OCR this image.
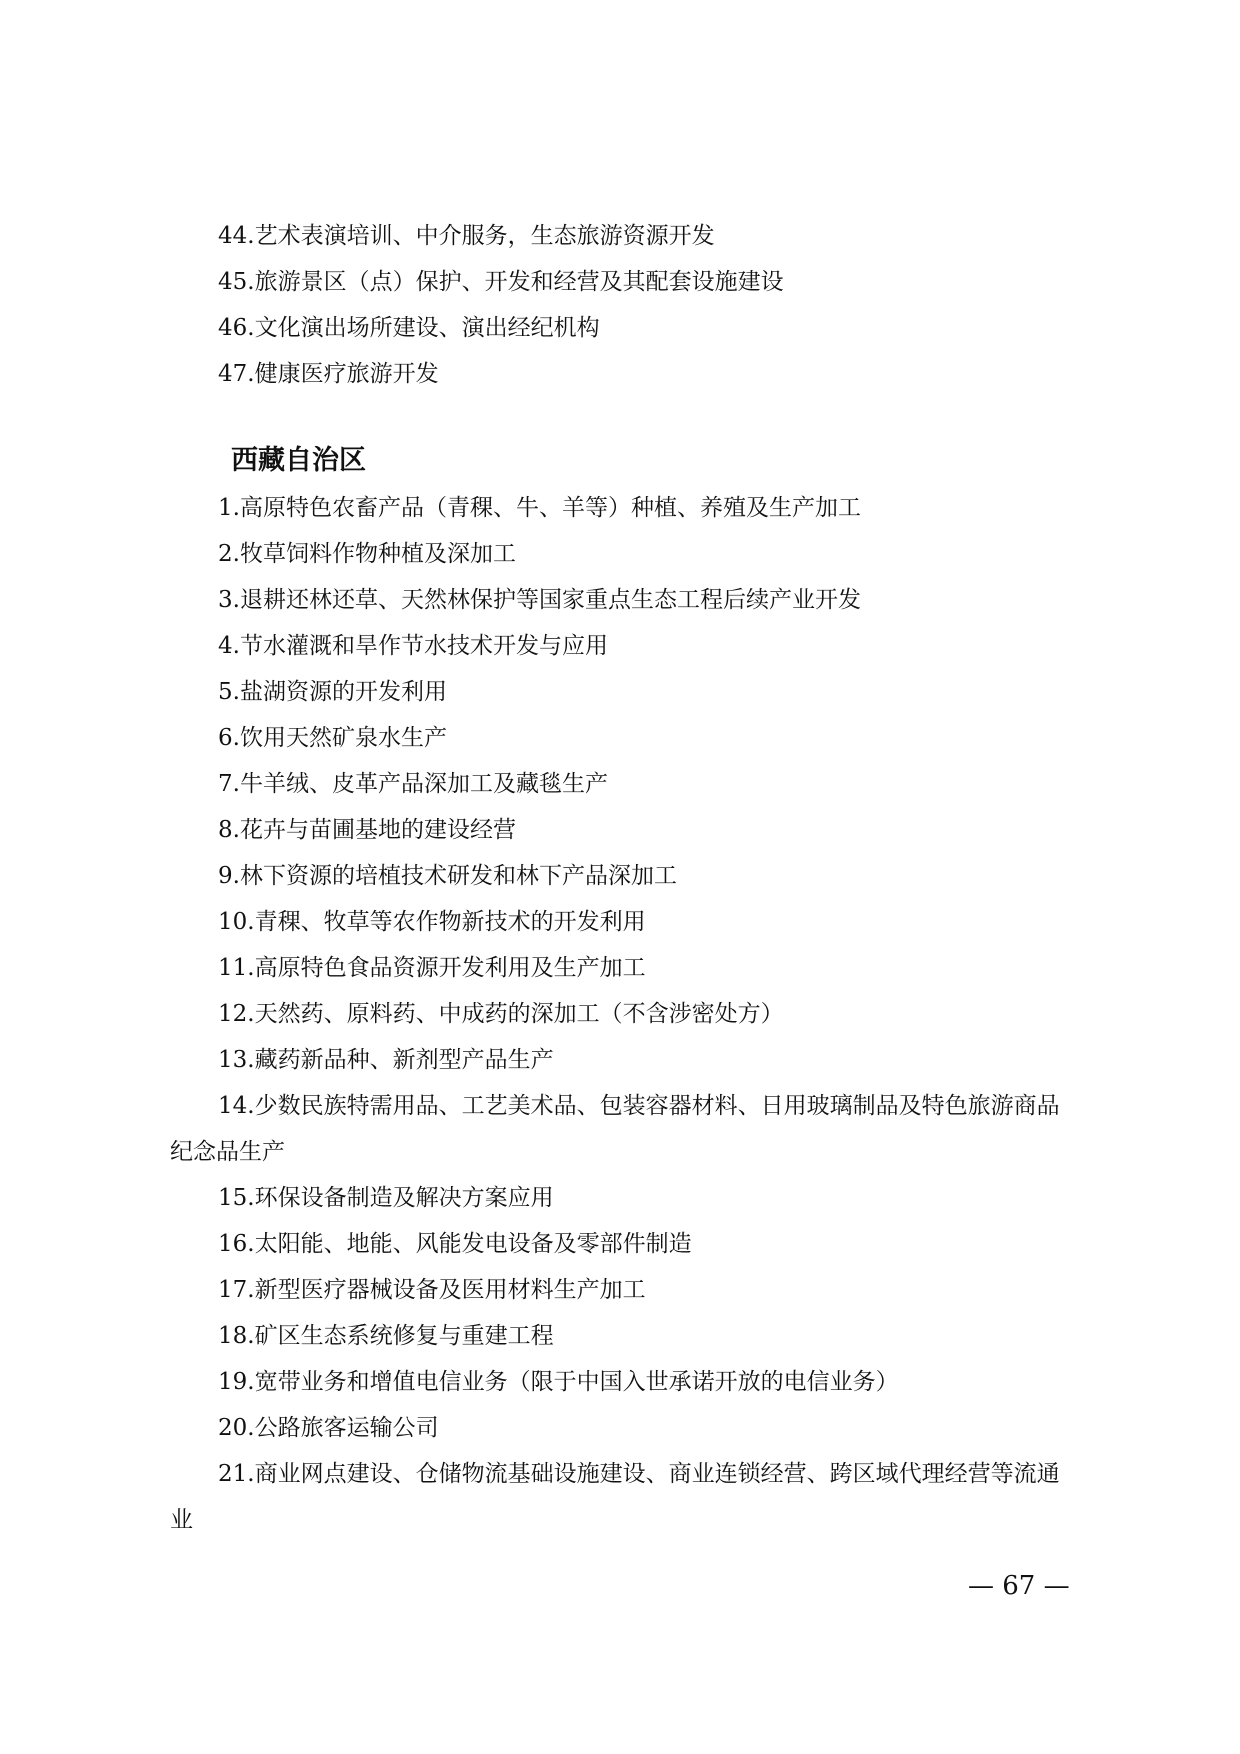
44.艺术表演培训、中介服务，生态旅游资源开发
45.旅游景区（点）保护、开发和经营及其配套设施建设
46.文化演出场所建设、演出经纪机构
47.健康医疗旅游开发
西藏自治区
1.高原特色农畜产品（青稞、牛、羊等）种植、养殖及生产加工
2.牧草饲料作物种植及深加工
3.退耕还林还草、天然林保护等国家重点生态工程后续产业开发
4.节水灌溉和旱作节水技术开发与应用
5.盐湖资源的开发利用
6.饮用天然矿泉水生产
7.牛羊绒、皮革产品深加工及藏毯生产
8.花卉与苗圃基地的建设经营
9.林下资源的培植技术研发和林下产品深加工
10.青稞、牧草等农作物新技术的开发利用
11.高原特色食品资源开发利用及生产加工
12.天然药、原料药、中成药的深加工（不含涉密处方）
13.藏药新品种、新剂型产品生产
14.少数民族特需用品、工艺美术品、包装容器材料、日用玻璃制品及特色旅游商品纪念品生产
15.环保设备制造及解决方案应用
16.太阳能、地能、风能发电设备及零部件制造
17.新型医疗器械设备及医用材料生产加工
18.矿区生态系统修复与重建工程
19.宽带业务和增值电信业务（限于中国入世承诺开放的电信业务）
20.公路旅客运输公司
21.商业网点建设、仓储物流基础设施建设、商业连锁经营、跨区域代理经营等流通业
— 67 —
